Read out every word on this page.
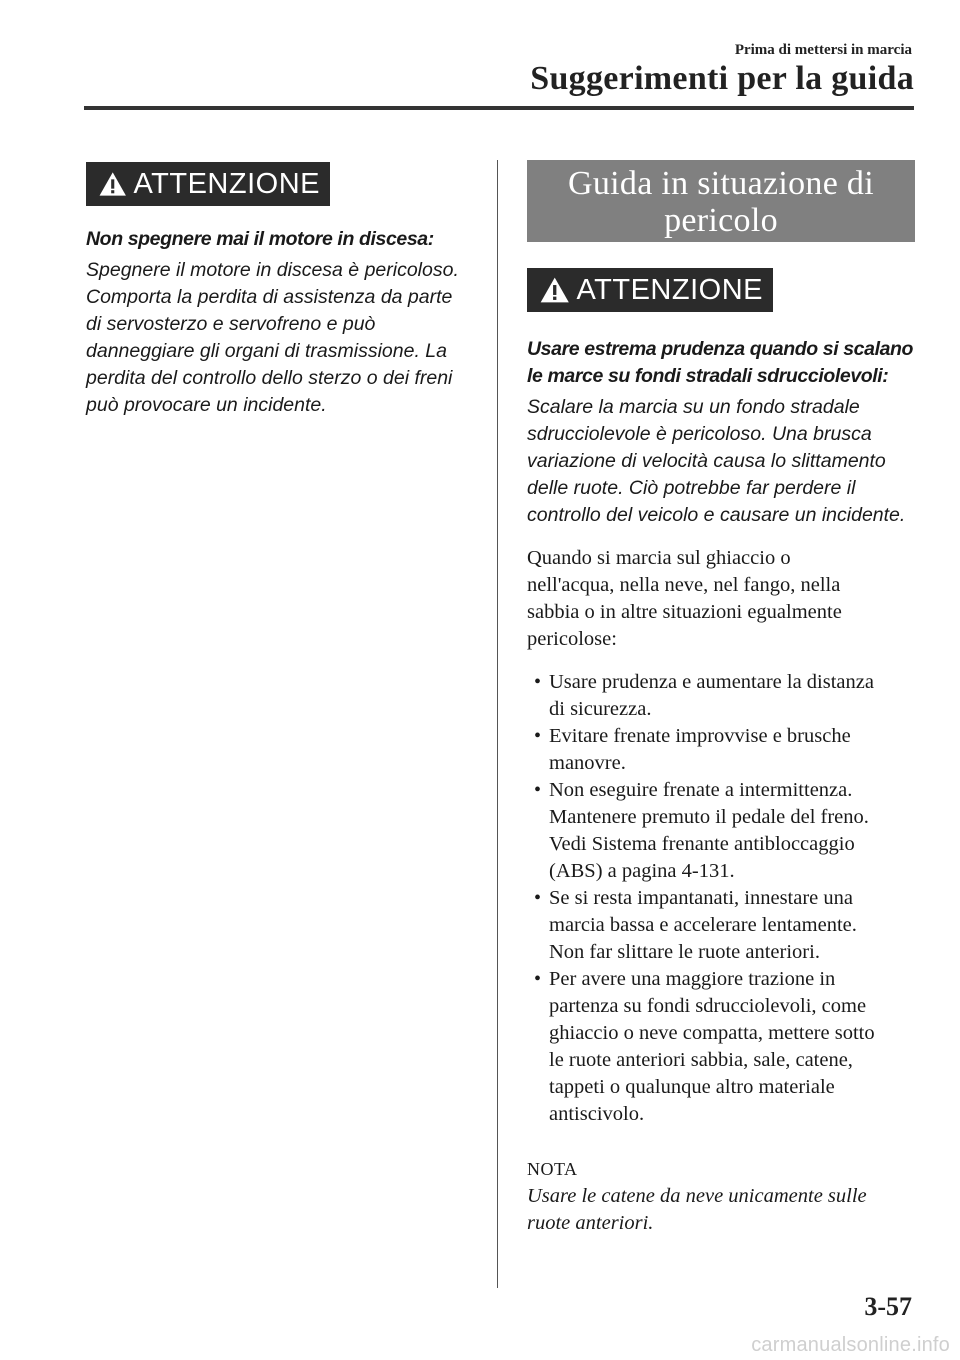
Prima di mettersi in marcia
Suggerimenti per la guida
ATTENZIONE
Non spegnere mai il motore in discesa:
Spegnere il motore in discesa è pericoloso.
Comporta la perdita di assistenza da parte
di servosterzo e servofreno e può
danneggiare gli organi di trasmissione. La
perdita del controllo dello sterzo o dei freni
può provocare un incidente.
Guida in situazione di
pericolo
ATTENZIONE
Usare estrema prudenza quando si scalano
le marce su fondi stradali sdrucciolevoli:
Scalare la marcia su un fondo stradale
sdrucciolevole è pericoloso. Una brusca
variazione di velocità causa lo slittamento
delle ruote. Ciò potrebbe far perdere il
controllo del veicolo e causare un incidente.
Quando si marcia sul ghiaccio o
nell'acqua, nella neve, nel fango, nella
sabbia o in altre situazioni egualmente
pericolose:
• Usare prudenza e aumentare la distanza
di sicurezza.
• Evitare frenate improvvise e brusche
manovre.
• Non eseguire frenate a intermittenza.
Mantenere premuto il pedale del freno.
Vedi Sistema frenante antibloccaggio
(ABS) a pagina 4-131.
• Se si resta impantanati, innestare una
marcia bassa e accelerare lentamente.
Non far slittare le ruote anteriori.
• Per avere una maggiore trazione in
partenza su fondi sdrucciolevoli, come
ghiaccio o neve compatta, mettere sotto
le ruote anteriori sabbia, sale, catene,
tappeti o qualunque altro materiale
antiscivolo.
NOTA
Usare le catene da neve unicamente sulle
ruote anteriori.
3-57
carmanualsonline.info
